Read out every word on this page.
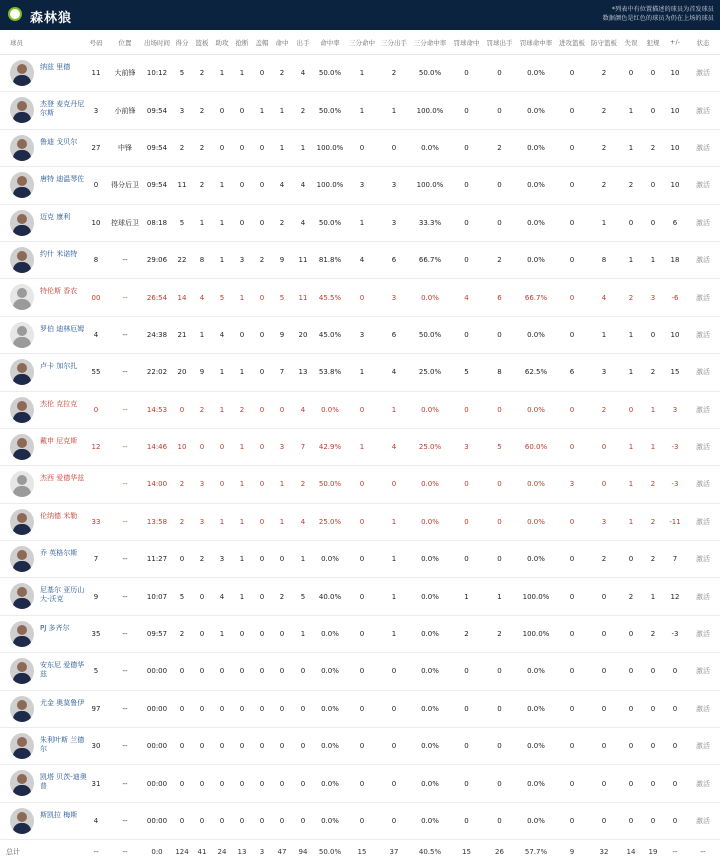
森林狼
*列表中有位置描述的球员为首发球员
数据颜色是红色的球员为仍在上场的球员
球员	号码	位置	出场时间	得分	篮板	助攻	抢断	盖帽	命中	出手	命中率	三分命中	三分出手	三分命中率	罚球命中	罚球出手	罚球命中率	进攻篮板	防守篮板	失误	犯规	+/-	状态

纳兹 里德	11	大前锋	10:12	5	2	1	1	0	2	4	50.0%	1	2	50.0%	0	0	0.0%	0	2	0	0	10	激活

杰登 麦克丹尼尔斯	3	小前锋	09:54	3	2	0	0	1	1	2	50.0%	1	1	100.0%	0	0	0.0%	0	2	1	0	10	激活

鲁迪 戈贝尔	27	中锋	09:54	2	2	0	0	0	1	1	100.0%	0	0	0.0%	0	2	0.0%	0	2	1	2	10	激活

唐特 迪温琴佐	0	得分后卫	09:54	11	2	1	0	0	4	4	100.0%	3	3	100.0%	0	0	0.0%	0	2	2	0	10	激活

迈克 康利	10	控球后卫	08:18	5	1	1	0	0	2	4	50.0%	1	3	33.3%	0	0	0.0%	0	1	0	0	6	激活

约什 米诺特	8	--	29:06	22	8	1	3	2	9	11	81.8%	4	6	66.7%	0	2	0.0%	0	8	1	1	18	激活

特伦斯 香农	00	--	26:54	14	4	5	1	0	5	11	45.5%	0	3	0.0%	4	6	66.7%	0	4	2	3	-6	激活

罗伯 迪林厄姆	4	--	24:38	21	1	4	0	0	9	20	45.0%	3	6	50.0%	0	0	0.0%	0	1	1	0	10	激活

卢卡 加尔扎	55	--	22:02	20	9	1	1	0	7	13	53.8%	1	4	25.0%	5	8	62.5%	6	3	1	2	15	激活

杰伦 克拉克	0	--	14:53	0	2	1	2	0	0	4	0.0%	0	1	0.0%	0	0	0.0%	0	2	0	1	3	激活

戴申 尼克斯	12	--	14:46	10	0	0	1	0	3	7	42.9%	1	4	25.0%	3	5	60.0%	0	0	1	1	-3	激活

杰西 爱德华兹		--	14:00	2	3	0	1	0	1	2	50.0%	0	0	0.0%	0	0	0.0%	3	0	1	2	-3	激活

伦纳德 米勒	33	--	13:58	2	3	1	1	0	1	4	25.0%	0	1	0.0%	0	0	0.0%	0	3	1	2	-11	激活

乔 英格尔斯	7	--	11:27	0	2	3	1	0	0	1	0.0%	0	1	0.0%	0	0	0.0%	0	2	0	2	7	激活

尼基尔 亚历山大-沃克	9	--	10:07	5	0	4	1	0	2	5	40.0%	0	1	0.0%	1	1	100.0%	0	0	2	1	12	激活

PJ 多齐尔	35	--	09:57	2	0	1	0	0	0	1	0.0%	0	1	0.0%	2	2	100.0%	0	0	0	2	-3	激活

安东尼 爱德华兹	5	--	00:00	0	0	0	0	0	0	0	0.0%	0	0	0.0%	0	0	0.0%	0	0	0	0	0	激活

尤金 奥莫鲁伊	97	--	00:00	0	0	0	0	0	0	0	0.0%	0	0	0.0%	0	0	0.0%	0	0	0	0	0	激活

朱利叶斯 兰德尔	30	--	00:00	0	0	0	0	0	0	0	0.0%	0	0	0.0%	0	0	0.0%	0	0	0	0	0	激活

凯塔 贝茨-迪奥普	31	--	00:00	0	0	0	0	0	0	0	0.0%	0	0	0.0%	0	0	0.0%	0	0	0	0	0	激活

斯凯拉 梅斯	4	--	00:00	0	0	0	0	0	0	0	0.0%	0	0	0.0%	0	0	0.0%	0	0	0	0	0	激活
总计	--	--	0:0	124	41	24	13	3	47	94	50.0%	15	37	40.5%	15	26	57.7%	9	32	14	19	--	--
